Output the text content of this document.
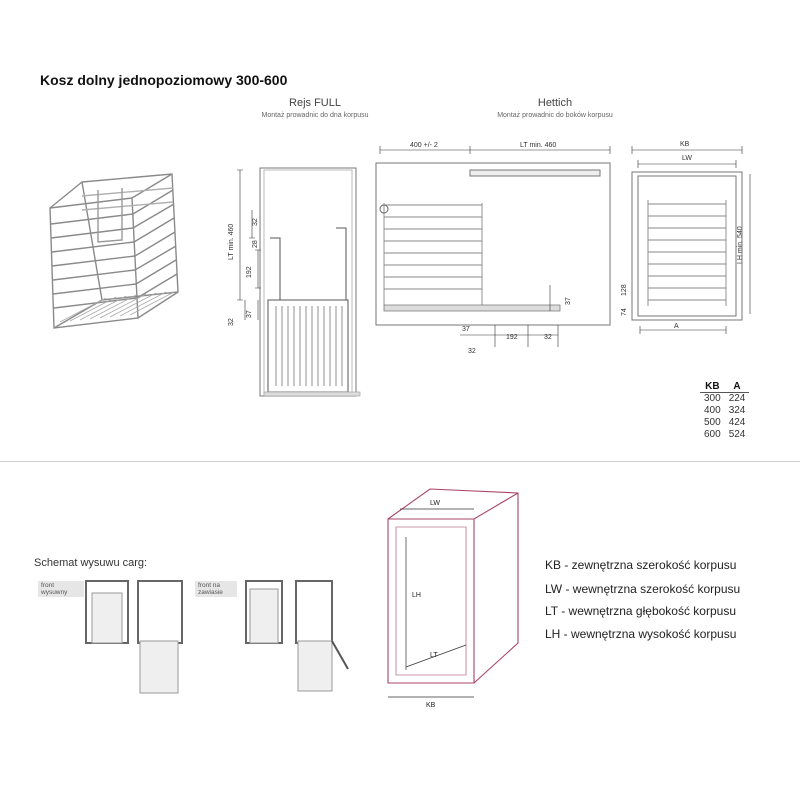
Kosz dolny jednopoziomowy 300-600
Rejs FULL
Montaż prowadnic do dna korpusu
Hettich
Montaż prowadnic do boków korpusu
LT min. 460
32
28
192
32
37
400 +/- 2	LT min. 460
37
37
192	32
32
KB
LW
LH min. 540
128
74
A
KB	A
300	224
400	324
500	424
600	524
Schemat wysuwu carg:
front wysuwny
front na zawiasie
LW
LH
LT
KB
KB - zewnętrzna szerokość korpusu
LW - wewnętrzna szerokość korpusu
LT - wewnętrzna głębokość korpusu
LH - wewnętrzna wysokość korpusu
